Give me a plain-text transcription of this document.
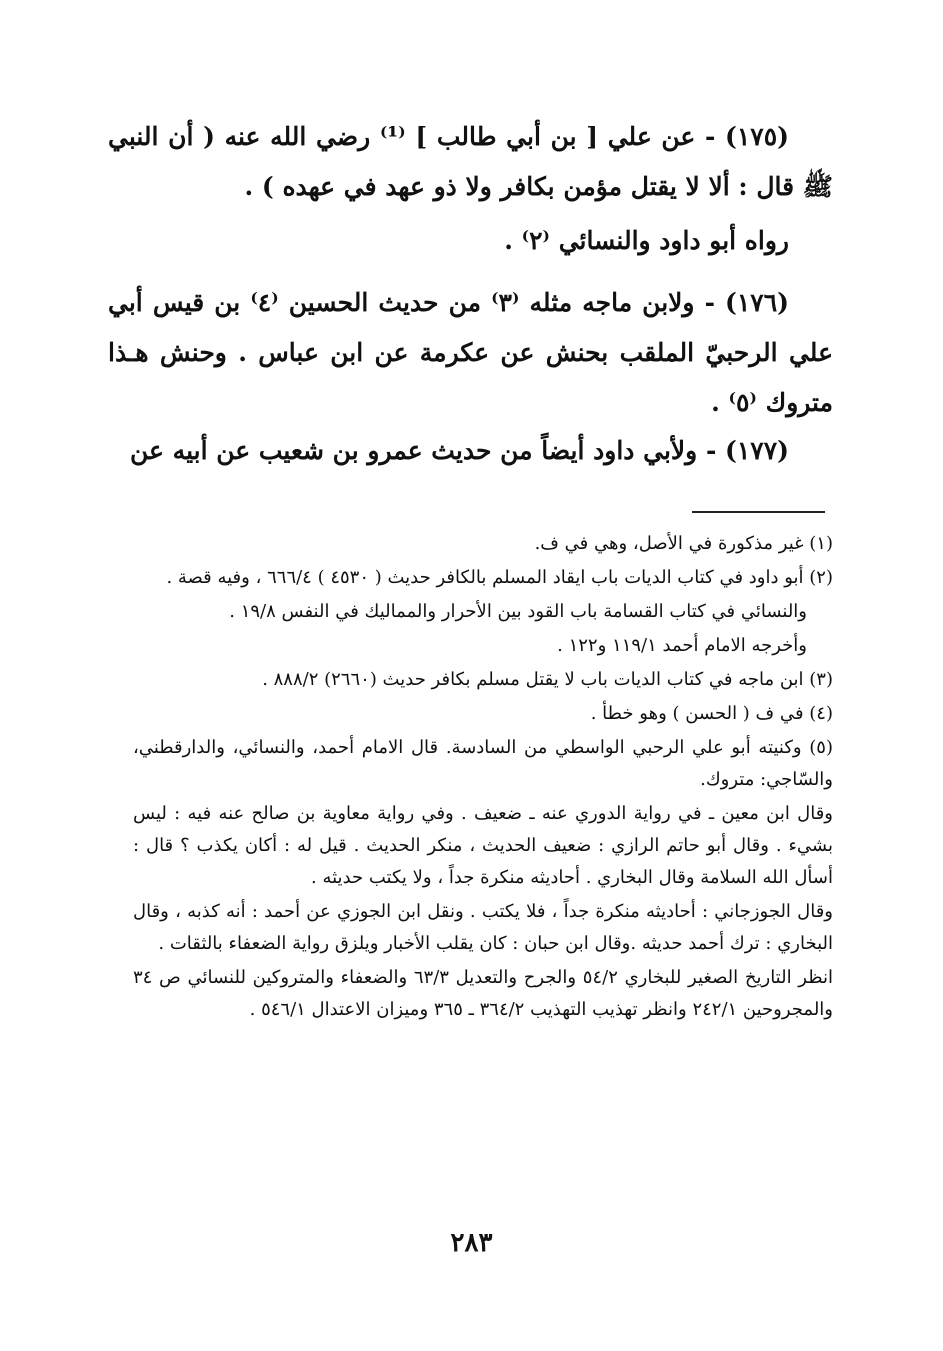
(١٧٥) - عن علي [ بن أبي طالب ] ⁽¹⁾ رضي الله عنه ( أن النبي ﷺ قال : ألا لا يقتل مؤمن بكافر ولا ذو عهد في عهده ) .

رواه أبو داود والنسائي ⁽٢⁾ .

(١٧٦) - ولابن ماجه مثله ⁽٣⁾ من حديث الحسين ⁽٤⁾ بن قيس أبي علي الرحبيّ الملقب بحنش عن عكرمة عن ابن عباس . وحنش هـذا متروك ⁽٥⁾ .

(١٧٧) - ولأبي داود أيضاً من حديث عمرو بن شعيب عن أبيه عن

(١) غير مذكورة في الأصل، وهي في ف.

(٢) أبو داود في كتاب الديات باب ايقاد المسلم بالكافر حديث ( ٤٥٣٠ ) ٦٦٦/٤ ، وفيه قصة .

والنسائي في كتاب القسامة باب القود بين الأحرار والمماليك في النفس ١٩/٨ .

وأخرجه الامام أحمد ١١٩/١ و١٢٢ .

(٣) ابن ماجه في كتاب الديات باب لا يقتل مسلم بكافر حديث (٢٦٦٠) ٨٨٨/٢ .

(٤) في ف ( الحسن ) وهو خطأ .

(٥) وكنيته أبو علي الرحبي الواسطي من السادسة. قال الامام أحمد، والنسائي، والدارقطني، والسّاجي: متروك.

وقال ابن معين ـ في رواية الدوري عنه ـ ضعيف . وفي رواية معاوية بن صالح عنه فيه : ليس بشيء . وقال أبو حاتم الرازي : ضعيف الحديث ، منكر الحديث . قيل له : أكان يكذب ؟ قال : أسأل الله السلامة وقال البخاري . أحاديثه منكرة جداً ، ولا يكتب حديثه .

وقال الجوزجاني : أحاديثه منكرة جداً ، فلا يكتب . ونقل ابن الجوزي عن أحمد : أنه كذبه ، وقال البخاري : ترك أحمد حديثه .وقال ابن حبان : كان يقلب الأخبار ويلزق رواية الضعفاء بالثقات .

انظر التاريخ الصغير للبخاري ٥٤/٢ والجرح والتعديل ٦٣/٣ والضعفاء والمتروكين للنسائي ص ٣٤ والمجروحين ٢٤٢/١ وانظر تهذيب التهذيب ٣٦٤/٢ ـ ٣٦٥ وميزان الاعتدال ٥٤٦/١ .

٢٨٣
